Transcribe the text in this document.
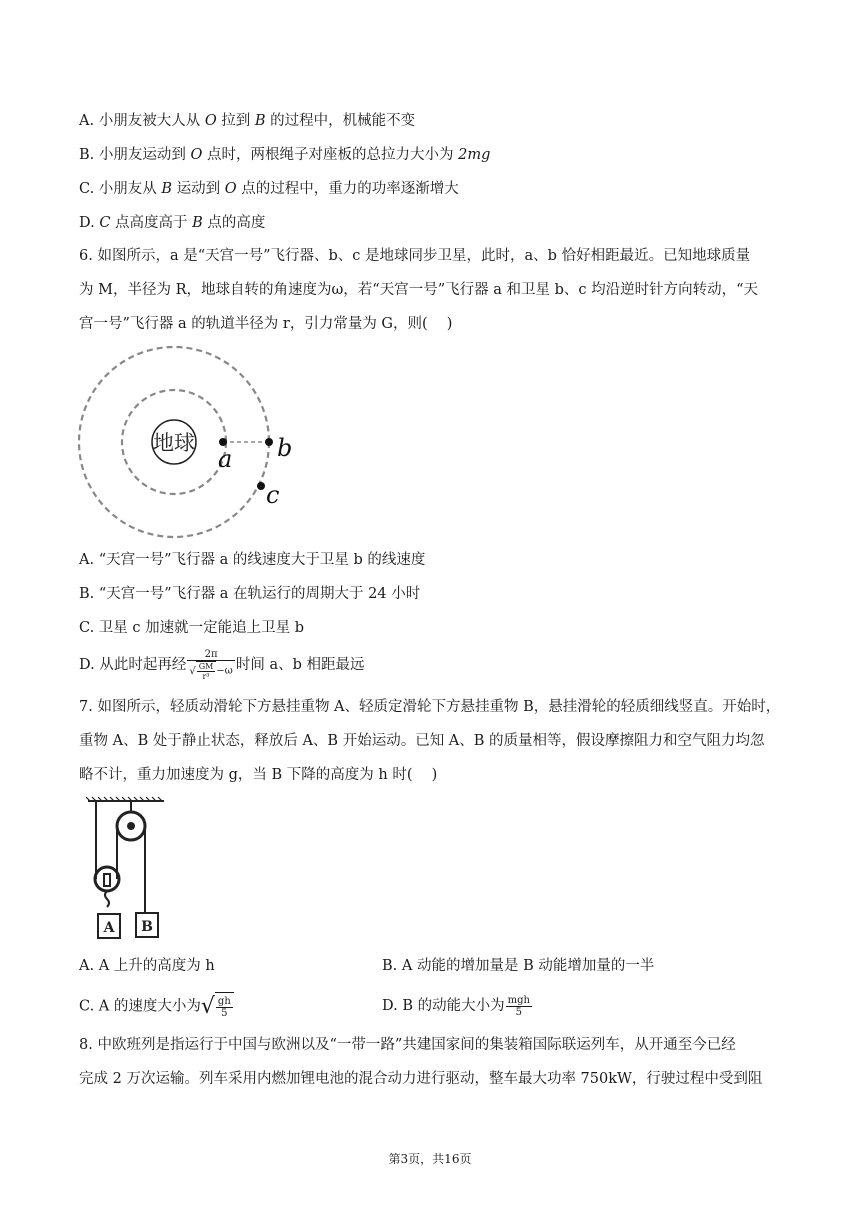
A. 小朋友被大人从 O 拉到 B 的过程中，机械能不变
B. 小朋友运动到 O 点时，两根绳子对座板的总拉力大小为 2mg
C. 小朋友从 B 运动到 O 点的过程中，重力的功率逐渐增大
D. C 点高度高于 B 点的高度
6. 如图所示，a 是“天宫一号”飞行器、b、c 是地球同步卫星，此时，a、b 恰好相距最近。已知地球质量
为 M，半径为 R，地球自转的角速度为ω，若“天宫一号”飞行器 a 和卫星 b、c 均沿逆时针方向转动，“天
宫一号”飞行器 a 的轨道半径为 r，引力常量为 G，则(　 )
地球
a b
c
A. “天宫一号”飞行器 a 的线速度大于卫星 b 的线速度
B. “天宫一号”飞行器 a 在轨运行的周期大于 24 小时
C. 卫星 c 加速就一定能追上卫星 b
D. 从此时起再经 $\frac{2\pi}{√ \frac{GM}{\text{r³}} -\omega}$ 时间 a、b 相距最远
7. 如图所示，轻质动滑轮下方悬挂重物 A、轻质定滑轮下方悬挂重物 B，悬挂滑轮的轻质细线竖直。开始时，
重物 A、B 处于静止状态，释放后 A、B 开始运动。已知 A、B 的质量相等，假设摩擦阻力和空气阻力均忽
略不计，重力加速度为 g，当 B 下降的高度为 h 时(　 )
A B
A. A 上升的高度为 h	B. A 动能的增加量是 B 动能增加量的一半
C. A 的速度大小为√ $\frac{gh}{5}$	D. B 的动能大小为 $\frac{\text{mgh}}{5}$
8. 中欧班列是指运行于中国与欧洲以及“一带一路”共建国家间的集装箱国际联运列车，从开通至今已经
完成 2 万次运输。列车采用内燃加锂电池的混合动力进行驱动，整车最大功率 750kW，行驶过程中受到阻
第3页，共16页
